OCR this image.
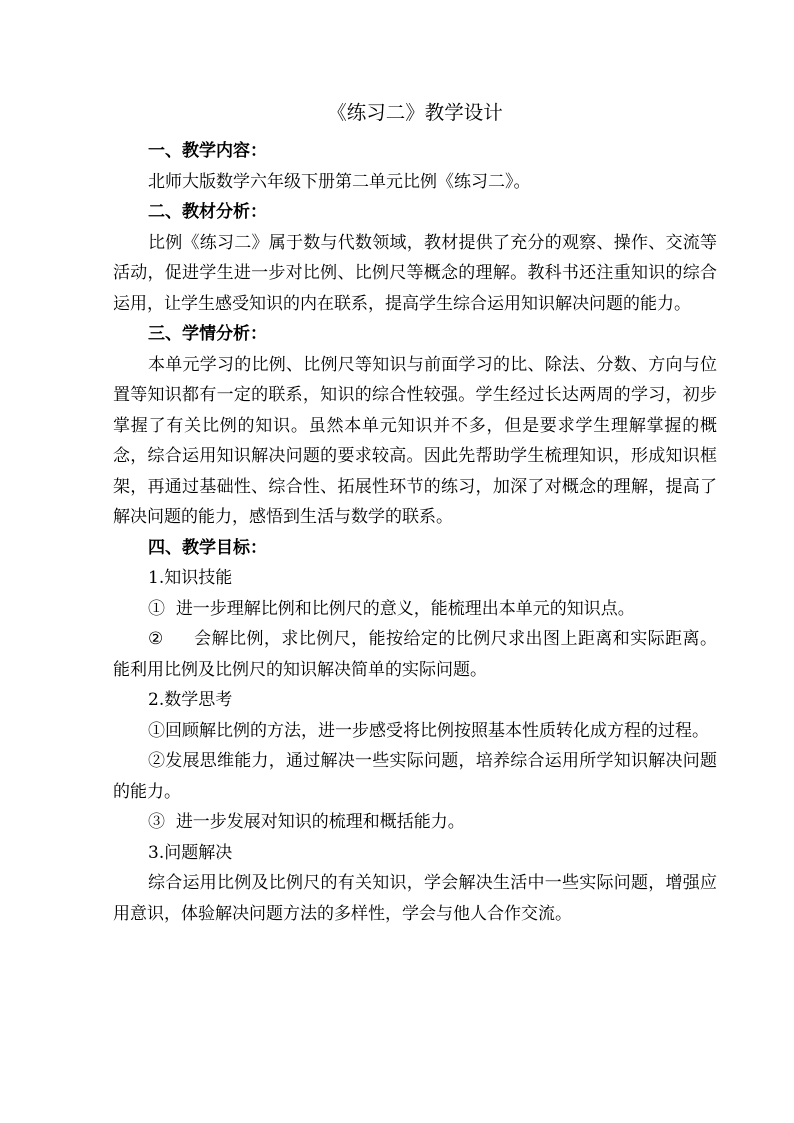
《练习二》教学设计
一、教学内容：

北师大版数学六年级下册第二单元比例《练习二》。

二、教材分析：

比例《练习二》属于数与代数领域，教材提供了充分的观察、操作、交流等活动，促进学生进一步对比例、比例尺等概念的理解。教科书还注重知识的综合运用，让学生感受知识的内在联系，提高学生综合运用知识解决问题的能力。

三、学情分析：

本单元学习的比例、比例尺等知识与前面学习的比、除法、分数、方向与位置等知识都有一定的联系，知识的综合性较强。学生经过长达两周的学习，初步掌握了有关比例的知识。虽然本单元知识并不多，但是要求学生理解掌握的概念，综合运用知识解决问题的要求较高。因此先帮助学生梳理知识，形成知识框架，再通过基础性、综合性、拓展性环节的练习，加深了对概念的理解，提高了解决问题的能力，感悟到生活与数学的联系。

四、教学目标：

1.知识技能

① 进一步理解比例和比例尺的意义，能梳理出本单元的知识点。

② 会解比例，求比例尺，能按给定的比例尺求出图上距离和实际距离。能利用比例及比例尺的知识解决简单的实际问题。

2.数学思考

①回顾解比例的方法，进一步感受将比例按照基本性质转化成方程的过程。

②发展思维能力，通过解决一些实际问题，培养综合运用所学知识解决问题的能力。

③ 进一步发展对知识的梳理和概括能力。

3.问题解决

综合运用比例及比例尺的有关知识，学会解决生活中一些实际问题，增强应用意识，体验解决问题方法的多样性，学会与他人合作交流。
